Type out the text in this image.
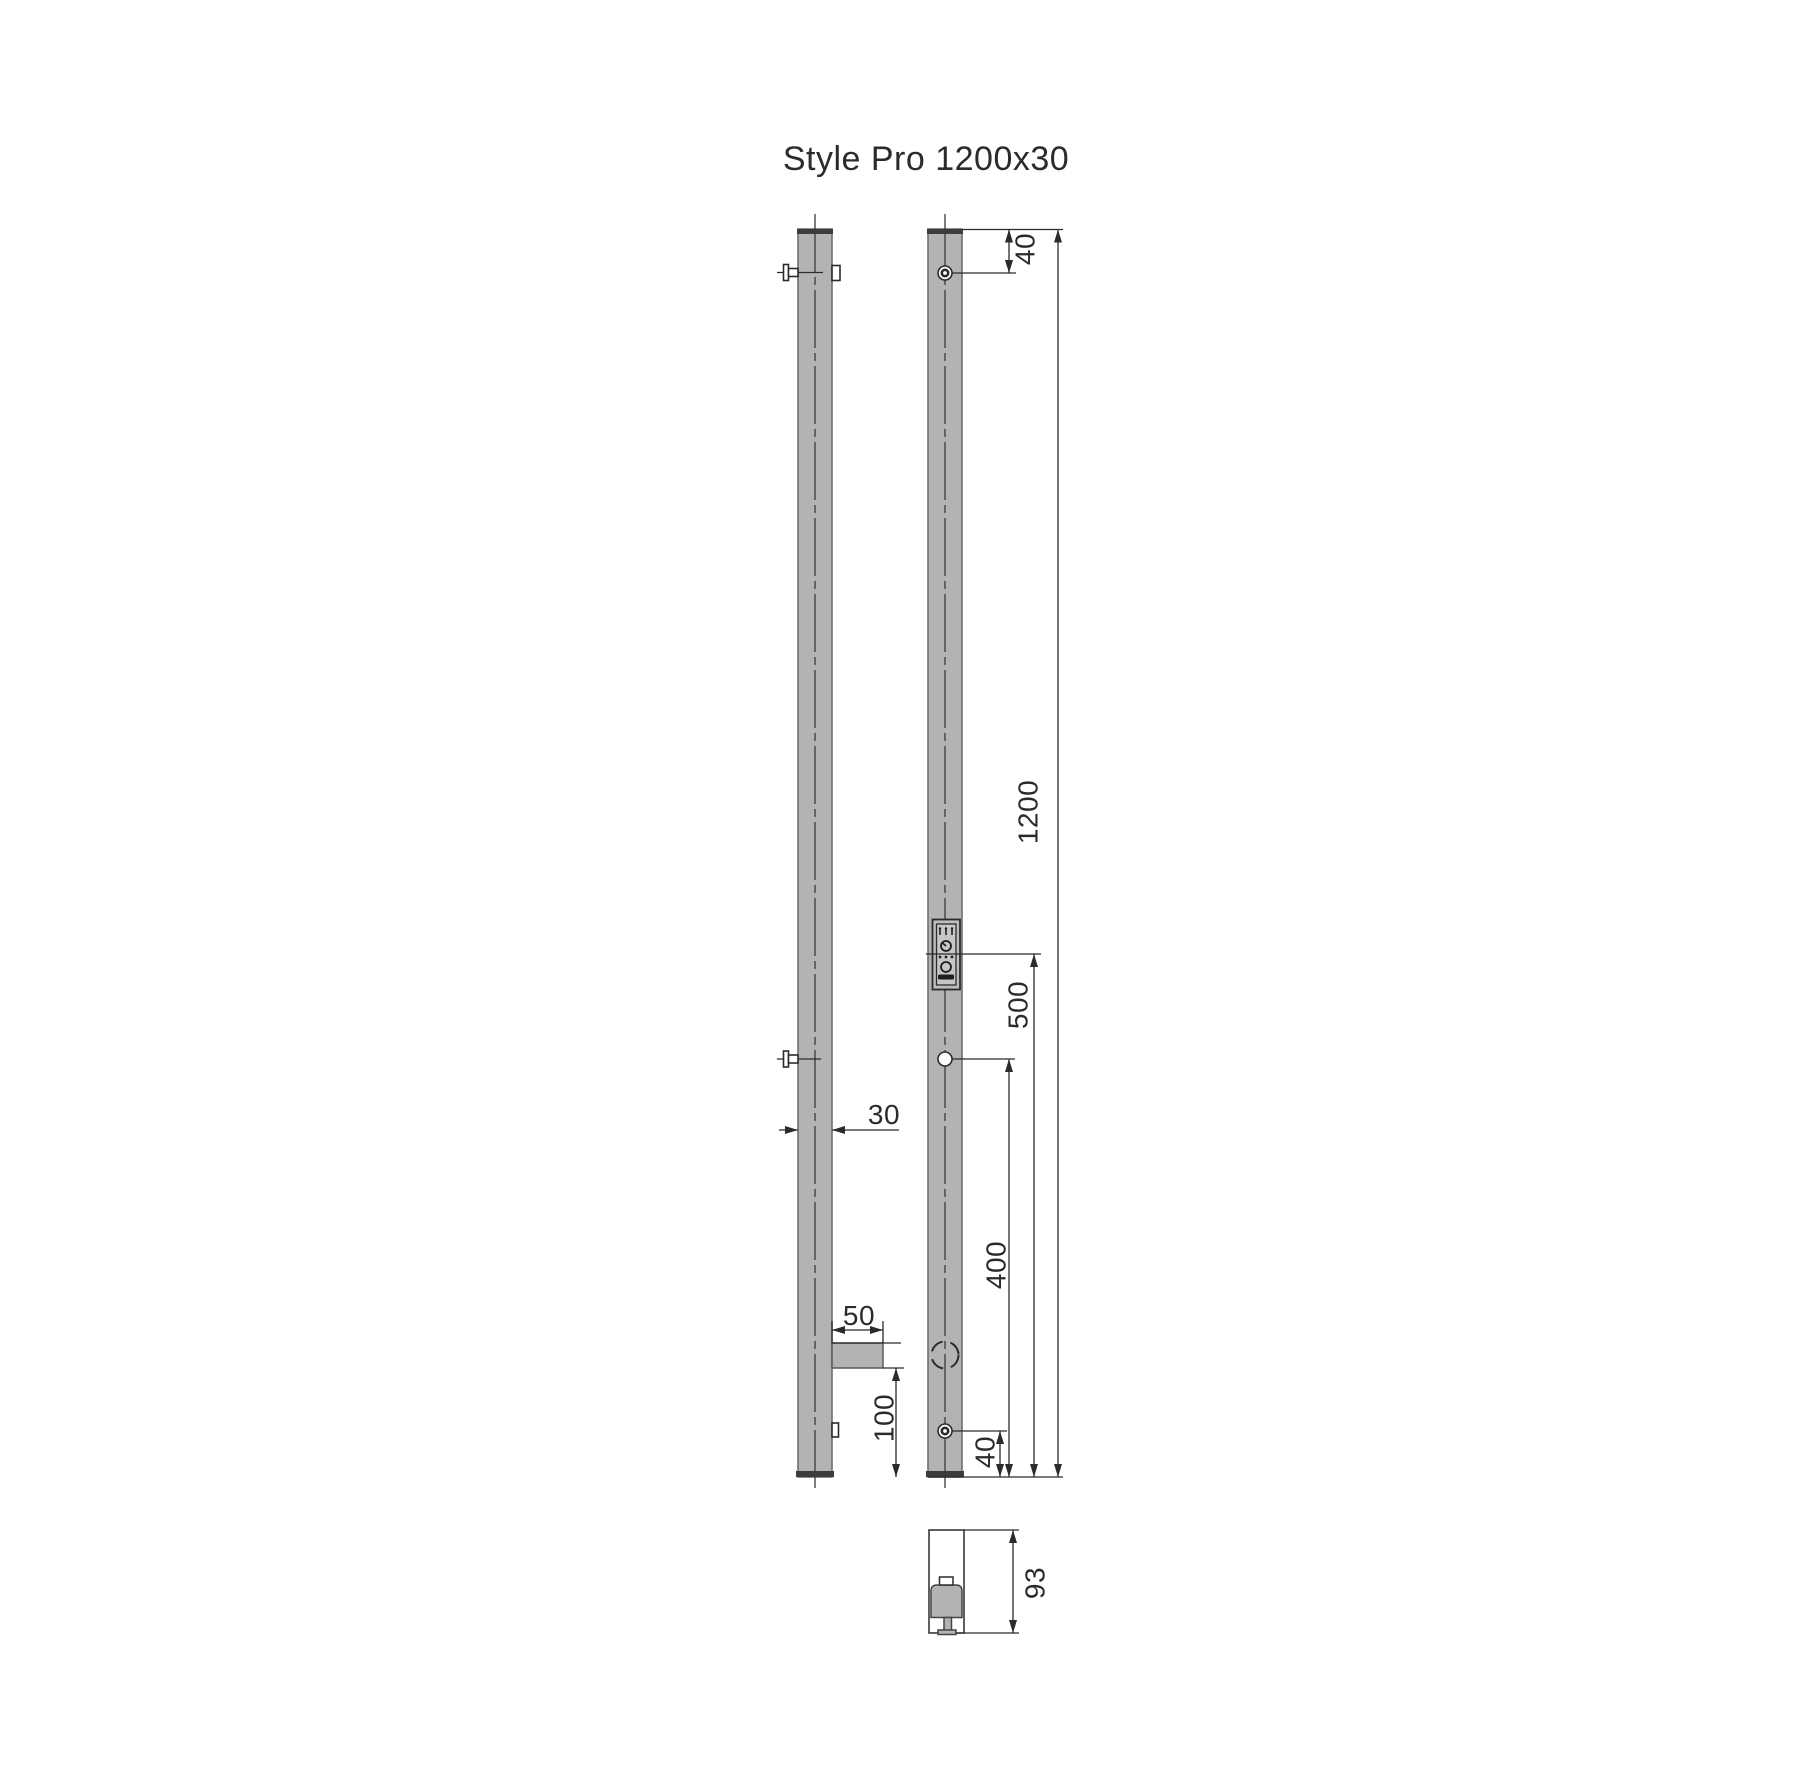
Style Pro 1200x30
40
1200
500
400
40
30
50
100
93
